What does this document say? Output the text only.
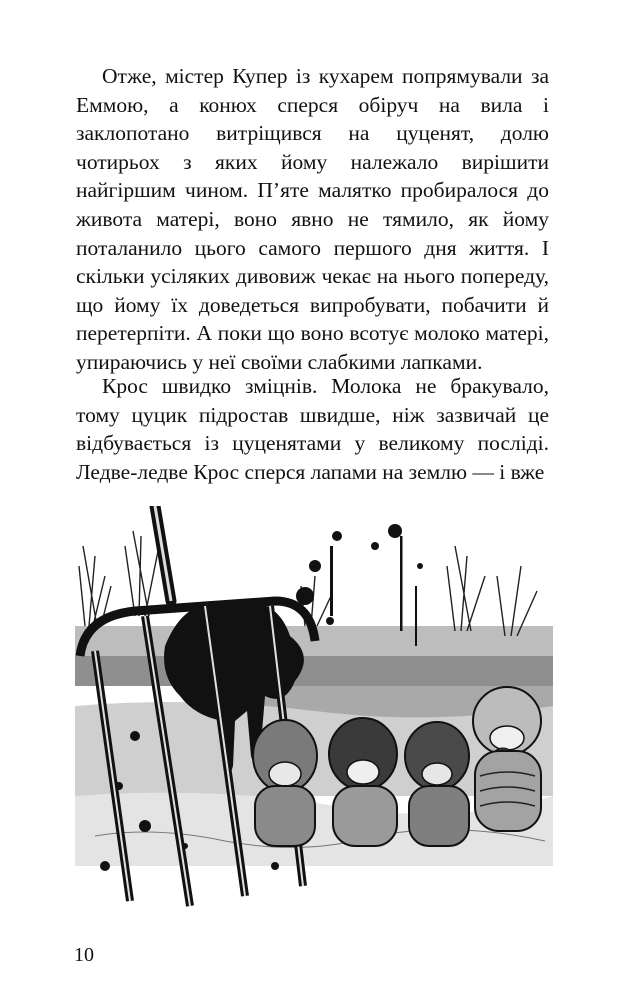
Отже, містер Купер із кухарем попрямували за Еммою, а конюх сперся обіруч на вила і заклопотано витріщився на цуценят, долю чотирьох з яких йому належало вирішити найгіршим чином. П’яте малятко пробиралося до живота матері, воно явно не тямило, як йому поталанило цього самого першого дня життя. І скільки усіляких дивовиж чекає на нього попереду, що йому їх доведеться випробувати, побачити й перетерпіти. А поки що воно всотує молоко матері, упираючись у неї своїми слабкими лапками.

Крос швидко зміцнів. Молока не бракувало, тому цуцик підростав швидше, ніж зазвичай це відбувається із цуценятами у великому посліді. Ледве-ледве Крос сперся лапами на землю — і вже

10
